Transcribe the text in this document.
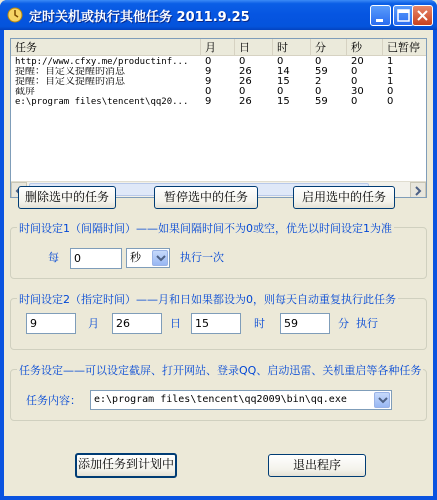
定时关机或执行其他任务 2011.9.25
任务	月	日	时	分	秒	已暂停
http://www.cfxy.me/productinf...	0	0	0	0	20	1
提醒：自定义提醒的消息	9	26	14	59	0	1
提醒：自定义提醒的消息	9	26	15	2	0	1
截屏	0	0	0	0	30	0
e:\program files\tencent\qq20...	9	26	15	59	0	0
删除选中的任务	暂停选中的任务	启用选中的任务
时间设定1（间隔时间）——如果间隔时间不为0或空，优先以时间设定1为准
每	0	秒	执行一次
时间设定2（指定时间）——月和日如果都设为0，则每天自动重复执行此任务
9	月	26	日	15	时	59	分 执行
任务设定——可以设定截屏、打开网站、登录QQ、启动迅雷、关机重启等各种任务
任务内容： e:\program files\tencent\qq2009\bin\qq.exe
添加任务到计划中	退出程序
